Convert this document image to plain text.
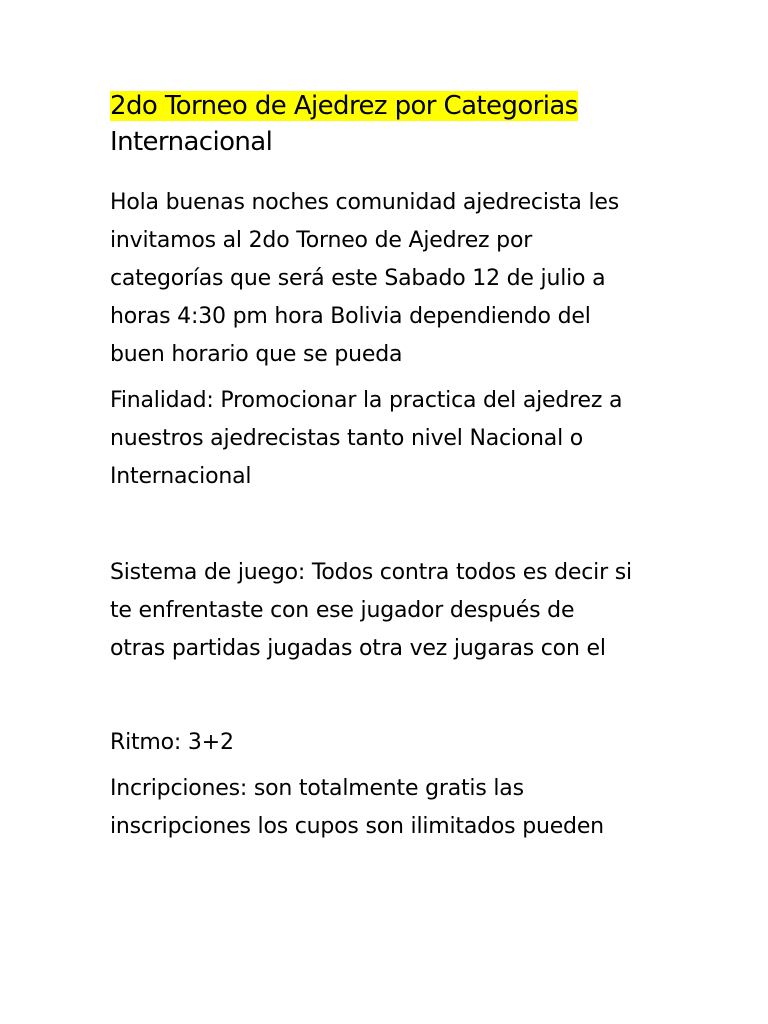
2do Torneo de Ajedrez por Categorias
Internacional

Hola buenas noches comunidad ajedrecista les
invitamos al 2do Torneo de Ajedrez por
categorías que será este Sabado 12 de julio a
horas 4:30 pm hora Bolivia dependiendo del
buen horario que se pueda

Finalidad: Promocionar la practica del ajedrez a
nuestros ajedrecistas tanto nivel Nacional o
Internacional

Sistema de juego: Todos contra todos es decir si
te enfrentaste con ese jugador después de
otras partidas jugadas otra vez jugaras con el

Ritmo: 3+2

Incripciones: son totalmente gratis las
inscripciones los cupos son ilimitados pueden
